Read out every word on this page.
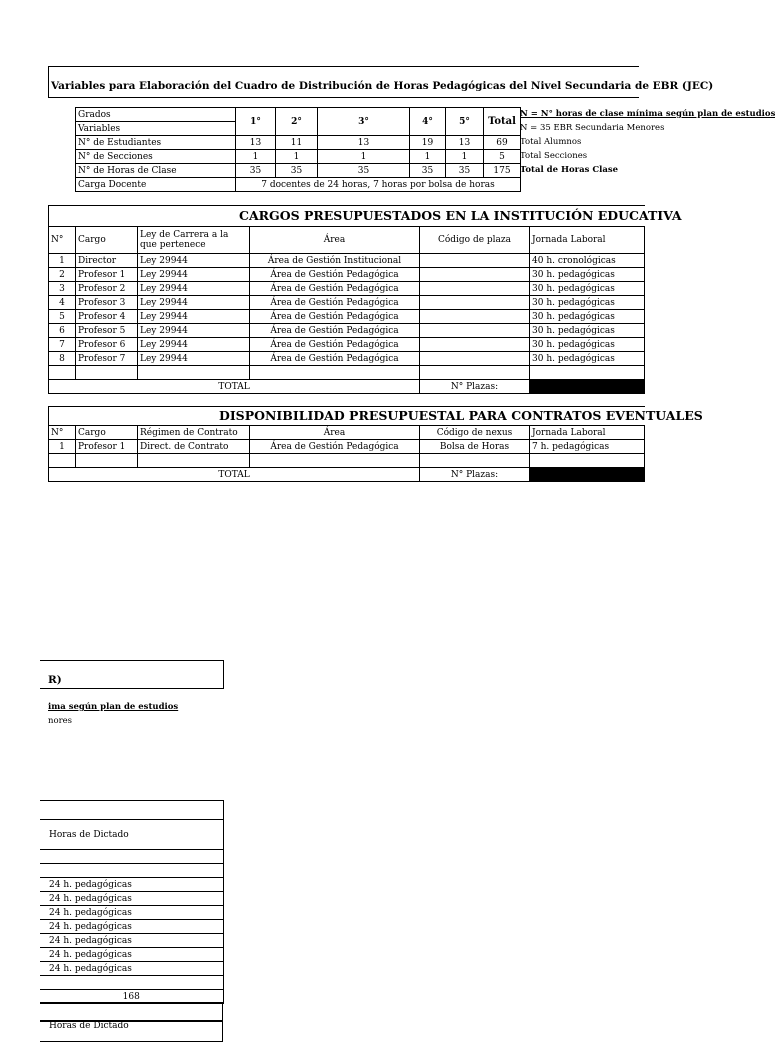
Variables para Elaboración del Cuadro de Distribución de Horas Pedagógicas del Nivel Secundaria de EBR (JEC)
Grados	1°	2°	3°	4°	5°	Total
Variables						
N° de Estudiantes	13	11	13	19	13	69
N° de Secciones	1	1	1	1	1	5
N° de Horas de Clase	35	35	35	35	35	175
Carga Docente	7 docentes de 24 horas, 7 horas por bolsa de horas					
N = N° horas de clase mínima según plan de estudios
N = 35 EBR Secundaria Menores
Total Alumnos
Total Secciones
Total de Horas Clase
CARGOS PRESUPUESTADOS EN LA INSTITUCIÓN EDUCATIVA					
N°	Cargo	Ley de Carrera a la que pertenece	Área	Código de plaza	Jornada Laboral
1	Director	Ley 29944	Área de Gestión Institucional		40 h. cronológicas
2	Profesor 1	Ley 29944	Área de Gestión Pedagógica		30 h. pedagógicas
3	Profesor 2	Ley 29944	Área de Gestión Pedagógica		30 h. pedagógicas
4	Profesor 3	Ley 29944	Área de Gestión Pedagógica		30 h. pedagógicas
5	Profesor 4	Ley 29944	Área de Gestión Pedagógica		30 h. pedagógicas
6	Profesor 5	Ley 29944	Área de Gestión Pedagógica		30 h. pedagógicas
7	Profesor 6	Ley 29944	Área de Gestión Pedagógica		30 h. pedagógicas
8	Profesor 7	Ley 29944	Área de Gestión Pedagógica		30 h. pedagógicas

TOTAL				N° Plazas:	
DISPONIBILIDAD PRESUPUESTAL PARA CONTRATOS EVENTUALES					
N°	Cargo	Régimen de Contrato	Área	Código de nexus	Jornada Laboral
1	Profesor 1	Direct. de Contrato	Área de Gestión Pedagógica	Bolsa de Horas	7 h. pedagógicas

TOTAL				N° Plazas:	
R)
ima según plan de estudios
nores

Horas de Dictado

24 h. pedagógicas
24 h. pedagógicas
24 h. pedagógicas
24 h. pedagógicas
24 h. pedagógicas
24 h. pedagógicas
24 h. pedagógicas

168
Horas de Dictado
